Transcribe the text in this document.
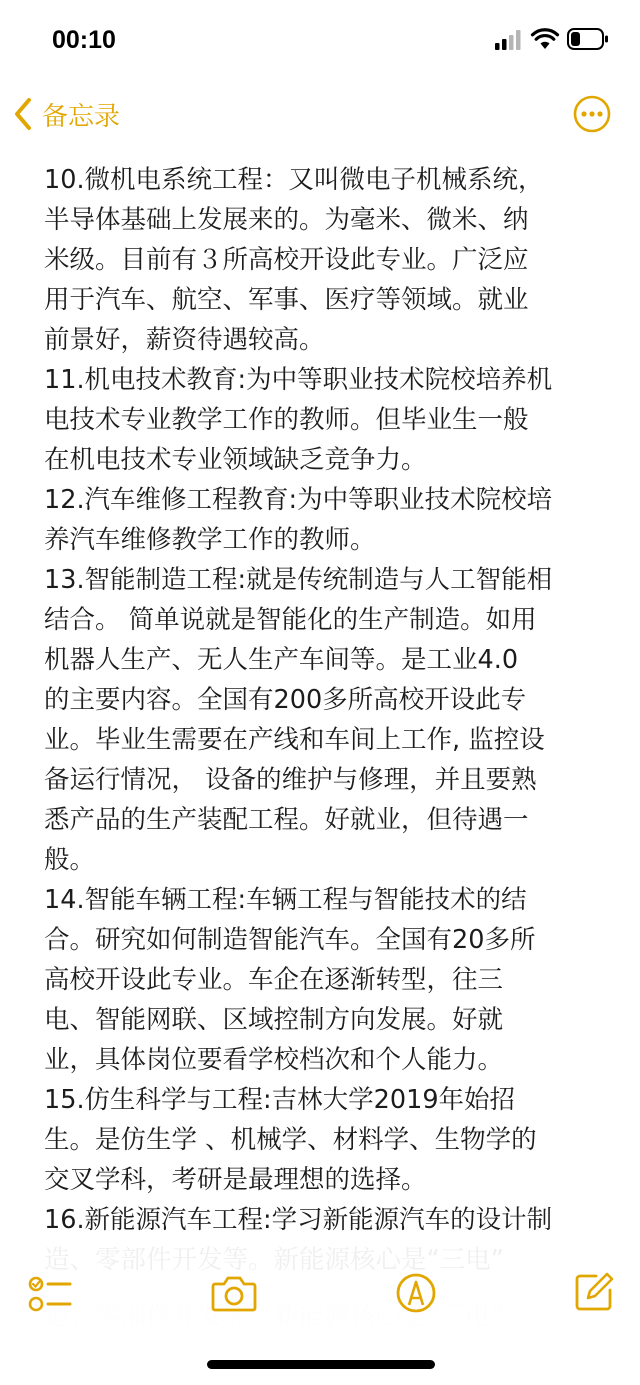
00:10
备忘录
10.微机电系统工程：又叫微电子机械系统，
半导体基础上发展来的。为毫米、微米、纳
米级。目前有３所高校开设此专业。广泛应
用于汽车、航空、军事、医疗等领域。就业
前景好，薪资待遇较高。
11.机电技术教育:为中等职业技术院校培养机
电技术专业教学工作的教师。但毕业生一般
在机电技术专业领域缺乏竞争力。
12.汽车维修工程教育:为中等职业技术院校培
养汽车维修教学工作的教师。
13.智能制造工程:就是传统制造与人工智能相
结合。 简单说就是智能化的生产制造。如用
机器人生产、无人生产车间等。是工业4.0
的主要内容。全国有200多所高校开设此专
业。毕业生需要在产线和车间上工作, 监控设
备运行情况， 设备的维护与修理，并且要熟
悉产品的生产装配工程。好就业，但待遇一
般。
14.智能车辆工程:车辆工程与智能技术的结
合。研究如何制造智能汽车。全国有20多所
高校开设此专业。车企在逐渐转型，往三
电、智能网联、区域控制方向发展。好就
业，具体岗位要看学校档次和个人能力。
15.仿生科学与工程:吉林大学2019年始招
生。是仿生学 、机械学、材料学、生物学的
交叉学科，考研是最理想的选择。
16.新能源汽车工程:学习新能源汽车的设计制
